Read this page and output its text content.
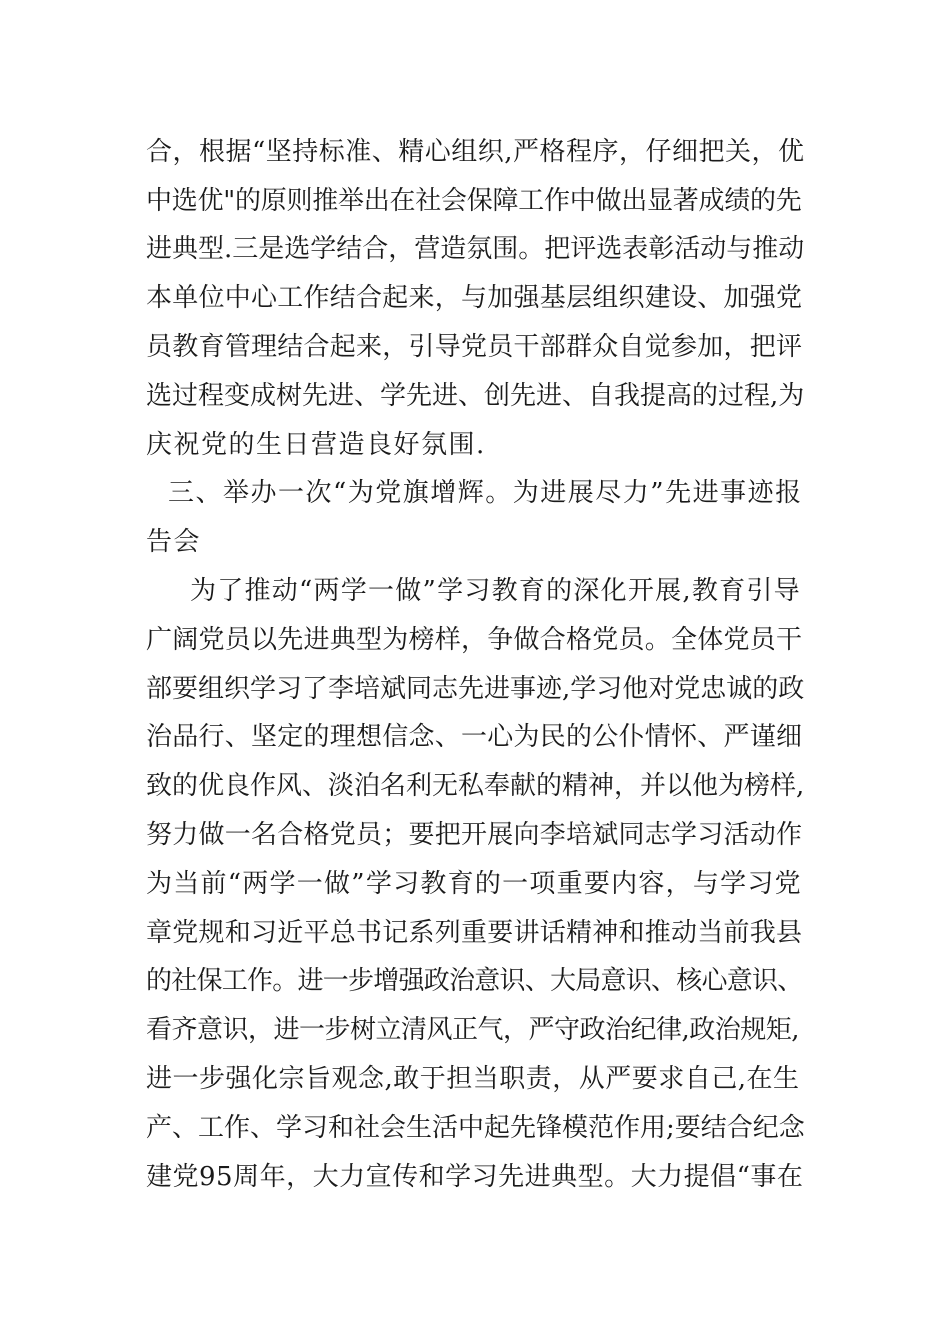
合，根据“坚持标准、精心组织,严格程序，仔细把关，优
中选优"的原则推举出在社会保障工作中做出显著成绩的先
进典型.三是选学结合，营造氛围。把评选表彰活动与推动
本单位中心工作结合起来，与加强基层组织建设、加强党
员教育管理结合起来，引导党员干部群众自觉参加，把评
选过程变成树先进、学先进、创先进、自我提高的过程,为
庆祝党的生日营造良好氛围.
三、举办一次“为党旗增辉。为进展尽力”先进事迹报
告会
为了推动“两学一做”学习教育的深化开展,教育引导
广阔党员以先进典型为榜样，争做合格党员。全体党员干
部要组织学习了李培斌同志先进事迹,学习他对党忠诚的政
治品行、坚定的理想信念、一心为民的公仆情怀、严谨细
致的优良作风、淡泊名利无私奉献的精神，并以他为榜样,
努力做一名合格党员；要把开展向李培斌同志学习活动作
为当前“两学一做”学习教育的一项重要内容，与学习党
章党规和习近平总书记系列重要讲话精神和推动当前我县
的社保工作。进一步增强政治意识、大局意识、核心意识、
看齐意识，进一步树立清风正气，严守政治纪律,政治规矩,
进一步强化宗旨观念,敢于担当职责，从严要求自己,在生
产、工作、学习和社会生活中起先锋模范作用;要结合纪念
建党95周年，大力宣传和学习先进典型。大力提倡“事在
